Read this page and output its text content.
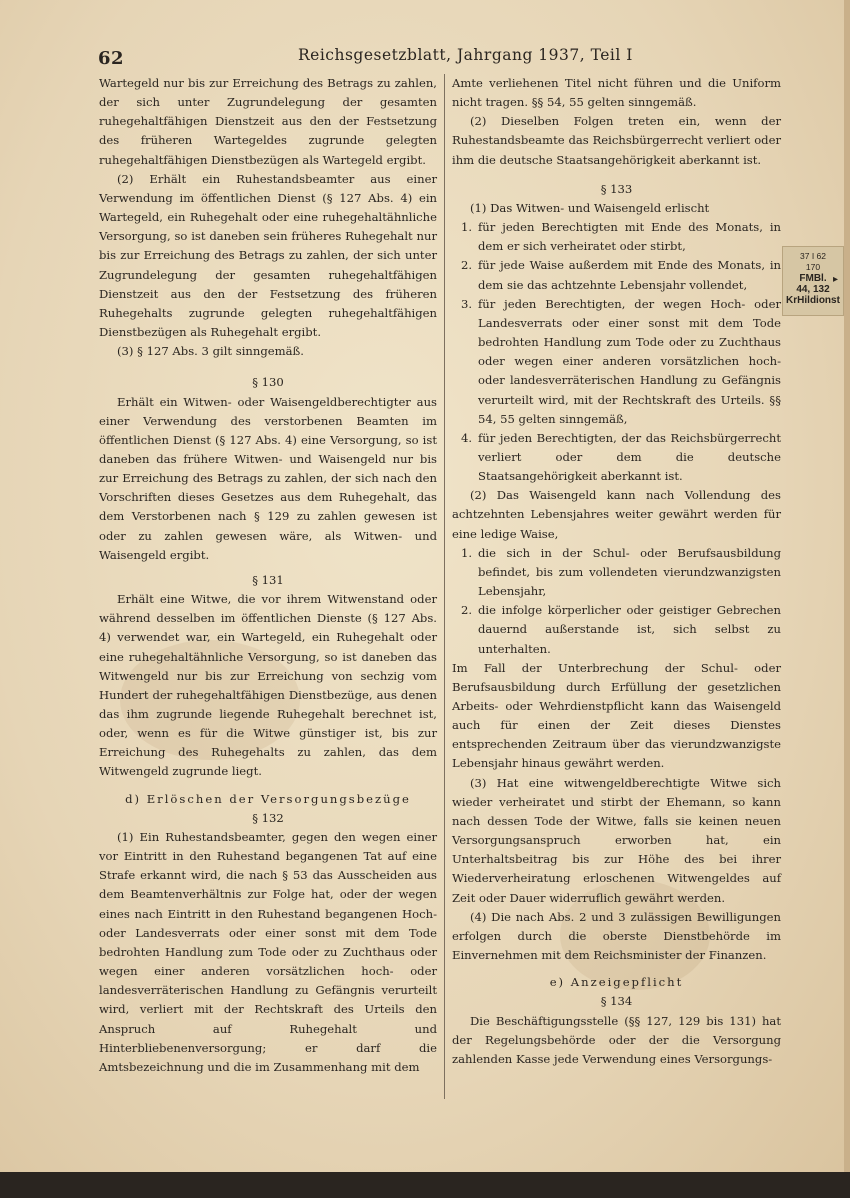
62	Reichsgesetzblatt, Jahrgang 1937, Teil I

Wartegeld nur bis zur Erreichung des Betrags zu zahlen, der sich unter Zugrundelegung der gesamten ruhegehaltfähigen Dienstzeit aus den der Festsetzung des früheren Wartegeldes zugrunde gelegten ruhegehaltfähigen Dienstbezügen als Wartegeld ergibt.

(2) Erhält ein Ruhestandsbeamter aus einer Verwendung im öffentlichen Dienst (§ 127 Abs. 4) ein Wartegeld, ein Ruhegehalt oder eine ruhegehaltähnliche Versorgung, so ist daneben sein früheres Ruhegehalt nur bis zur Erreichung des Betrags zu zahlen, der sich unter Zugrundelegung der gesamten ruhegehaltfähigen Dienstzeit aus den der Festsetzung des früheren Ruhegehalts zugrunde gelegten ruhegehaltfähigen Dienstbezügen als Ruhegehalt ergibt.

(3) § 127 Abs. 3 gilt sinngemäß.

§ 130

Erhält ein Witwen- oder Waisengeldberechtigter aus einer Verwendung des verstorbenen Beamten im öffentlichen Dienst (§ 127 Abs. 4) eine Versorgung, so ist daneben das frühere Witwen- und Waisengeld nur bis zur Erreichung des Betrags zu zahlen, der sich nach den Vorschriften dieses Gesetzes aus dem Ruhegehalt, das dem Verstorbenen nach § 129 zu zahlen gewesen ist oder zu zahlen gewesen wäre, als Witwen- und Waisengeld ergibt.

§ 131

Erhält eine Witwe, die vor ihrem Witwenstand oder während desselben im öffentlichen Dienste (§ 127 Abs. 4) verwendet war, ein Wartegeld, ein Ruhegehalt oder eine ruhegehaltähnliche Versorgung, so ist daneben das Witwengeld nur bis zur Erreichung von sechzig vom Hundert der ruhegehaltfähigen Dienstbezüge, aus denen das ihm zugrunde liegende Ruhegehalt berechnet ist, oder, wenn es für die Witwe günstiger ist, bis zur Erreichung des Ruhegehalts zu zahlen, das dem Witwengeld zugrunde liegt.

d) Erlöschen der Versorgungsbezüge

§ 132

(1) Ein Ruhestandsbeamter, gegen den wegen einer vor Eintritt in den Ruhestand begangenen Tat auf eine Strafe erkannt wird, die nach § 53 das Ausscheiden aus dem Beamtenverhältnis zur Folge hat, oder der wegen eines nach Eintritt in den Ruhestand begangenen Hoch- oder Landesverrats oder einer sonst mit dem Tode bedrohten Handlung zum Tode oder zu Zuchthaus oder wegen einer anderen vorsätzlichen hoch- oder landesverräterischen Handlung zu Gefängnis verurteilt wird, verliert mit der Rechtskraft des Urteils den Anspruch auf Ruhegehalt und Hinterbliebenenversorgung; er darf die Amtsbezeichnung und die im Zusammenhang mit dem

Amte verliehenen Titel nicht führen und die Uniform nicht tragen. §§ 54, 55 gelten sinngemäß.

(2) Dieselben Folgen treten ein, wenn der Ruhestandsbeamte das Reichsbürgerrecht verliert oder ihm die deutsche Staatsangehörigkeit aberkannt ist.

§ 133

(1) Das Witwen- und Waisengeld erlischt

1. für jeden Berechtigten mit Ende des Monats, in dem er sich verheiratet oder stirbt,
2. für jede Waise außerdem mit Ende des Monats, in dem sie das achtzehnte Lebensjahr vollendet,
3. für jeden Berechtigten, der wegen Hoch- oder Landesverrats oder einer sonst mit dem Tode bedrohten Handlung zum Tode oder zu Zuchthaus oder wegen einer anderen vorsätzlichen hoch- oder landesverräterischen Handlung zu Gefängnis verurteilt wird, mit der Rechtskraft des Urteils. §§ 54, 55 gelten sinngemäß,
4. für jeden Berechtigten, der das Reichsbürgerrecht verliert oder dem die deutsche Staatsangehörigkeit aberkannt ist.

(2) Das Waisengeld kann nach Vollendung des achtzehnten Lebensjahres weiter gewährt werden für eine ledige Waise,

1. die sich in der Schul- oder Berufsausbildung befindet, bis zum vollendeten vierundzwanzigsten Lebensjahr,
2. die infolge körperlicher oder geistiger Gebrechen dauernd außerstande ist, sich selbst zu unterhalten.

Im Fall der Unterbrechung der Schul- oder Berufsausbildung durch Erfüllung der gesetzlichen Arbeits- oder Wehrdienstpflicht kann das Waisengeld auch für einen der Zeit dieses Dienstes entsprechenden Zeitraum über das vierundzwanzigste Lebensjahr hinaus gewährt werden.

(3) Hat eine witwengeldberechtigte Witwe sich wieder verheiratet und stirbt der Ehemann, so kann nach dessen Tode der Witwe, falls sie keinen neuen Versorgungsanspruch erworben hat, ein Unterhaltsbeitrag bis zur Höhe des bei ihrer Wiederverheiratung erloschenen Witwengeldes auf Zeit oder Dauer widerruflich gewährt werden.

(4) Die nach Abs. 2 und 3 zulässigen Bewilligungen erfolgen durch die oberste Dienstbehörde im Einvernehmen mit dem Reichsminister der Finanzen.

e) Anzeigepflicht

§ 134

Die Beschäftigungsstelle (§§ 127, 129 bis 131) hat der Regelungsbehörde oder der die Versorgung zahlenden Kasse jede Verwendung eines Versorgungs-

37 I 62
170
FMBl.
44, 132
KrHildionst
▸
